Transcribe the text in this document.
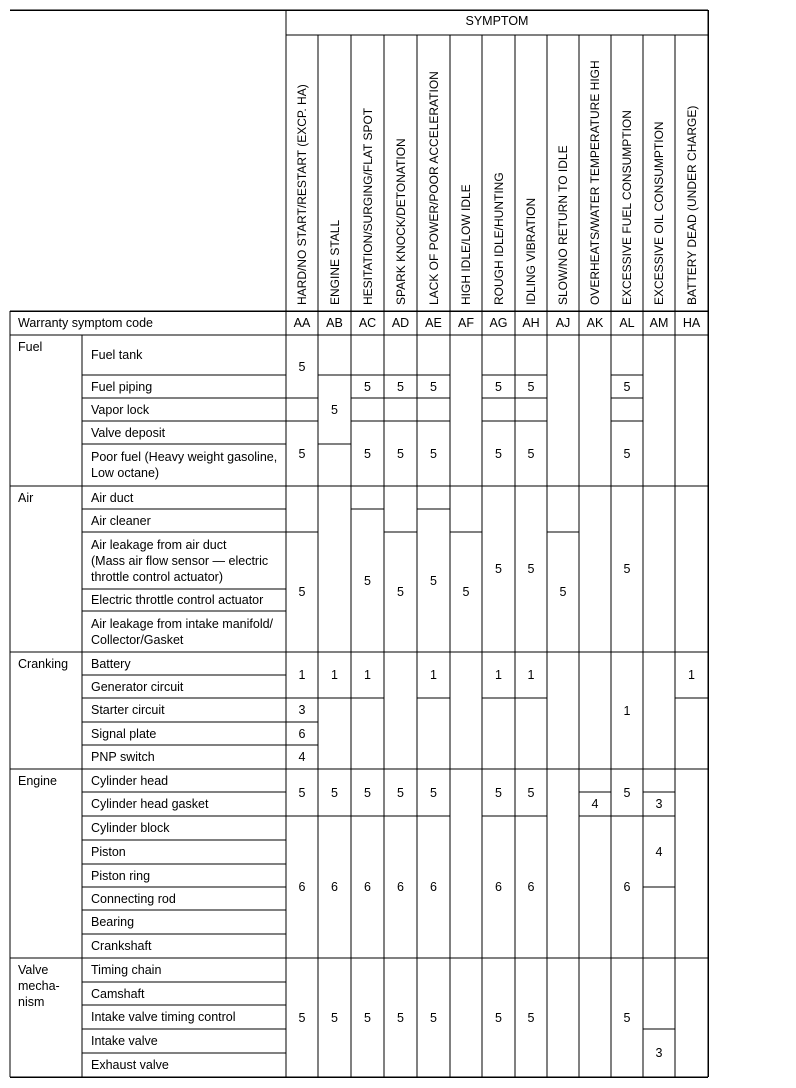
SYMPTOM
Warranty symptom code
HARD/NO START/RESTART (EXCP. HA)
AA
ENGINE STALL
AB
HESITATION/SURGING/FLAT SPOT
AC
SPARK KNOCK/DETONATION
AD
LACK OF POWER/POOR ACCELERATION
AE
HIGH IDLE/LOW IDLE
AF
ROUGH IDLE/HUNTING
AG
IDLING VIBRATION
AH
SLOW/NO RETURN TO IDLE
AJ
OVERHEATS/WATER TEMPERATURE HIGH
AK
EXCESSIVE FUEL CONSUMPTION
AL
EXCESSIVE OIL CONSUMPTION
AM
BATTERY DEAD (UNDER CHARGE)
HA
Fuel
Air
Cranking
Engine
Valve
mecha-
nism
Fuel tank
Fuel piping
Vapor lock
Valve deposit
Poor fuel (Heavy weight gasoline,
Low octane)
Air duct
Air cleaner
Air leakage from air duct
(Mass air flow sensor — electric
throttle control actuator)
Electric throttle control actuator
Air leakage from intake manifold/
Collector/Gasket
Battery
Generator circuit
Starter circuit
Signal plate
PNP switch
Cylinder head
Cylinder head gasket
Cylinder block
Piston
Piston ring
Connecting rod
Bearing
Crankshaft
Timing chain
Camshaft
Intake valve timing control
Intake valve
Exhaust valve
5
5
5
1
3
6
4
5
6
5
5
1
5
6
5
5
5
5
1
5
6
5
5
5
5
5
6
5
5
5
5
1
5
6
5
5
5
5
5
1
5
6
5
5
5
5
1
5
6
5
5
4
5
5
5
1
5
6
5
3
4
3
1
